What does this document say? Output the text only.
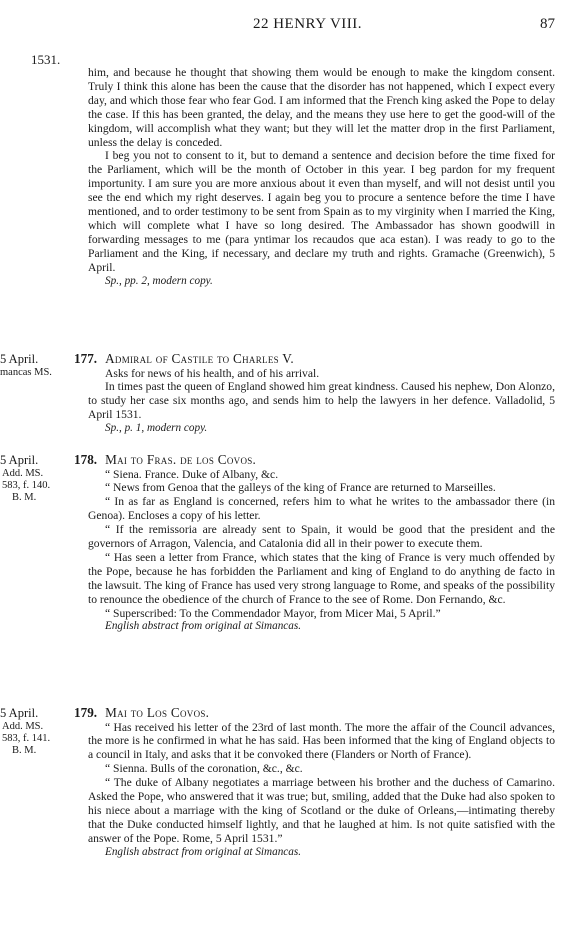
22 HENRY VIII.	87
1531.

him, and because he thought that showing them would be enough to make the kingdom consent. Truly I think this alone has been the cause that the disorder has not happened, which I expect every day, and which those fear who fear God. I am informed that the French king asked the Pope to delay the case. If this has been granted, the delay, and the means they use here to get the good-will of the kingdom, will accomplish what they want; but they will let the matter drop in the first Parliament, unless the delay is conceded.

I beg you not to consent to it, but to demand a sentence and decision before the time fixed for the Parliament, which will be the month of October in this year. I beg pardon for my frequent importunity. I am sure you are more anxious about it even than myself, and will not desist until you see the end which my right deserves. I again beg you to procure a sentence before the time I have mentioned, and to order testimony to be sent from Spain as to my virginity when I married the King, which will complete what I have so long desired. The Ambassador has shown goodwill in forwarding messages to me (para yntimar los recaudos que aca estan). I was ready to go to the Parliament and the King, if necessary, and declare my truth and rights. Gramache (Greenwich), 5 April.

Sp., pp. 2, modern copy.

5 April.
mancas MS.
177. Admiral of Castile to Charles V.

Asks for news of his health, and of his arrival.

In times past the queen of England showed him great kindness. Caused his nephew, Don Alonzo, to study her case six months ago, and sends him to help the lawyers in her defence. Valladolid, 5 April 1531.

Sp., p. 1, modern copy.

5 April.
Add. MS.
583, f. 140.
B. M.
178. Mai to Fras. de los Covos.

“ Siena. France. Duke of Albany, &c.

“ News from Genoa that the galleys of the king of France are returned to Marseilles.

“ In as far as England is concerned, refers him to what he writes to the ambassador there (in Genoa). Encloses a copy of his letter.

“ If the remissoria are already sent to Spain, it would be good that the president and the governors of Arragon, Valencia, and Catalonia did all in their power to execute them.

“ Has seen a letter from France, which states that the king of France is very much offended by the Pope, because he has forbidden the Parliament and king of England to do anything de facto in the lawsuit. The king of France has used very strong language to Rome, and speaks of the possibility to renounce the obedience of the church of France to the see of Rome. Don Fernando, &c.

“ Superscribed: To the Commendador Mayor, from Micer Mai, 5 April.”

English abstract from original at Simancas.

5 April.
Add. MS.
583, f. 141.
B. M.
179. Mai to Los Covos.

“ Has received his letter of the 23rd of last month. The more the affair of the Council advances, the more is he confirmed in what he has said. Has been informed that the king of England objects to a council in Italy, and asks that it be convoked there (Flanders or North of France).

“ Sienna. Bulls of the coronation, &c., &c.

“ The duke of Albany negotiates a marriage between his brother and the duchess of Camarino. Asked the Pope, who answered that it was true; but, smiling, added that the Duke had also spoken to his niece about a marriage with the king of Scotland or the duke of Orleans,—intimating thereby that the Duke conducted himself lightly, and that he laughed at him. Is not quite satisfied with the answer of the Pope. Rome, 5 April 1531.”

English abstract from original at Simancas.
